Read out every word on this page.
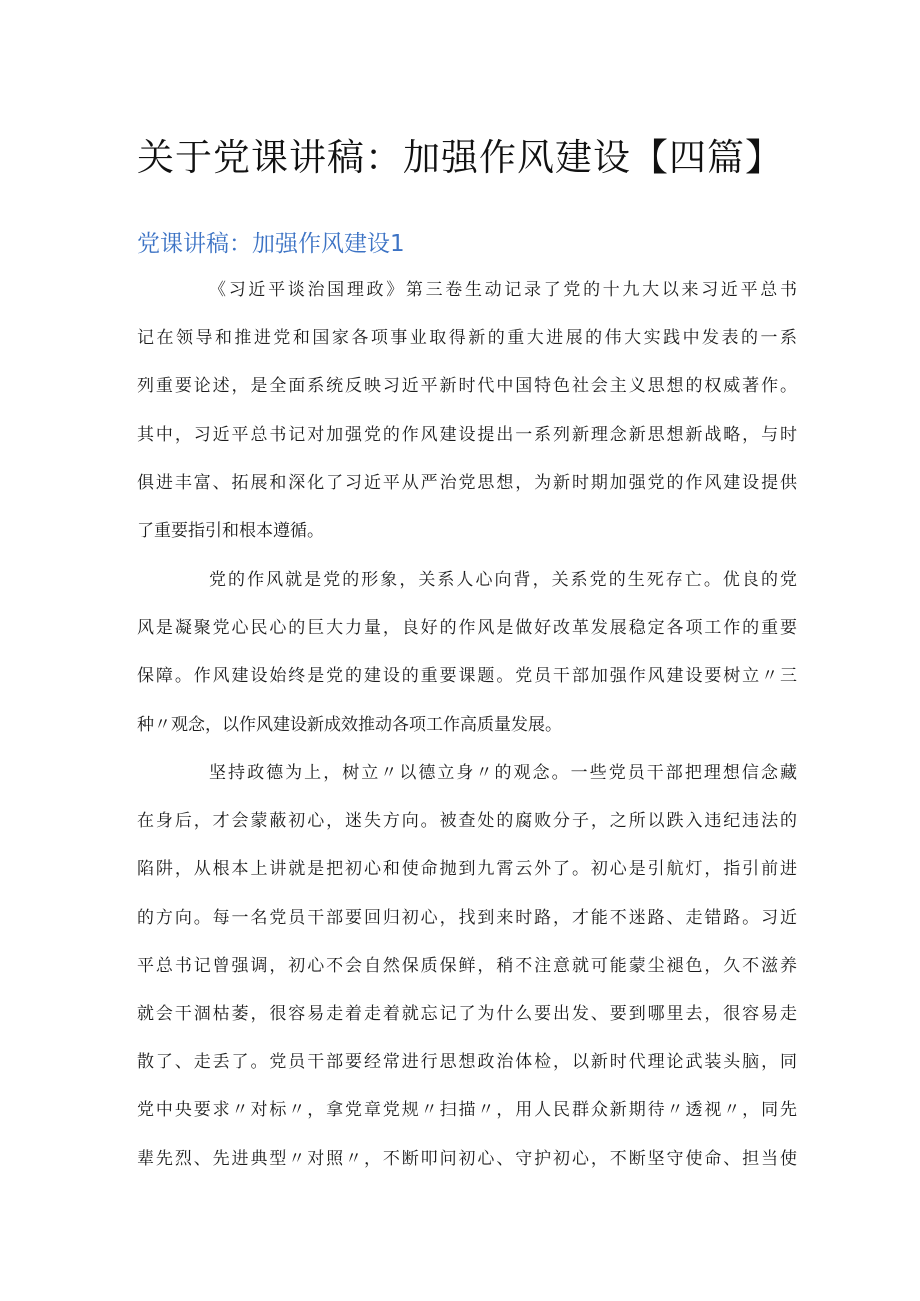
关于党课讲稿：加强作风建设【四篇】
党课讲稿：加强作风建设1
《习近平谈治国理政》第三卷生动记录了党的十九大以来习近平总书
记在领导和推进党和国家各项事业取得新的重大进展的伟大实践中发表的一系
列重要论述，是全面系统反映习近平新时代中国特色社会主义思想的权威著作。
其中，习近平总书记对加强党的作风建设提出一系列新理念新思想新战略，与时
俱进丰富、拓展和深化了习近平从严治党思想，为新时期加强党的作风建设提供
了重要指引和根本遵循。
党的作风就是党的形象，关系人心向背，关系党的生死存亡。优良的党
风是凝聚党心民心的巨大力量，良好的作风是做好改革发展稳定各项工作的重要
保障。作风建设始终是党的建设的重要课题。党员干部加强作风建设要树立〃三
种〃观念，以作风建设新成效推动各项工作高质量发展。
坚持政德为上，树立〃以德立身〃的观念。一些党员干部把理想信念藏
在身后，才会蒙蔽初心，迷失方向。被查处的腐败分子，之所以跌入违纪违法的
陷阱，从根本上讲就是把初心和使命抛到九霄云外了。初心是引航灯，指引前进
的方向。每一名党员干部要回归初心，找到来时路，才能不迷路、走错路。习近
平总书记曾强调，初心不会自然保质保鲜，稍不注意就可能蒙尘褪色，久不滋养
就会干涸枯萎，很容易走着走着就忘记了为什么要出发、要到哪里去，很容易走
散了、走丢了。党员干部要经常进行思想政治体检，以新时代理论武装头脑，同
党中央要求〃对标〃，拿党章党规〃扫描〃，用人民群众新期待〃透视〃，同先
辈先烈、先进典型〃对照〃，不断叩问初心、守护初心，不断坚守使命、担当使
